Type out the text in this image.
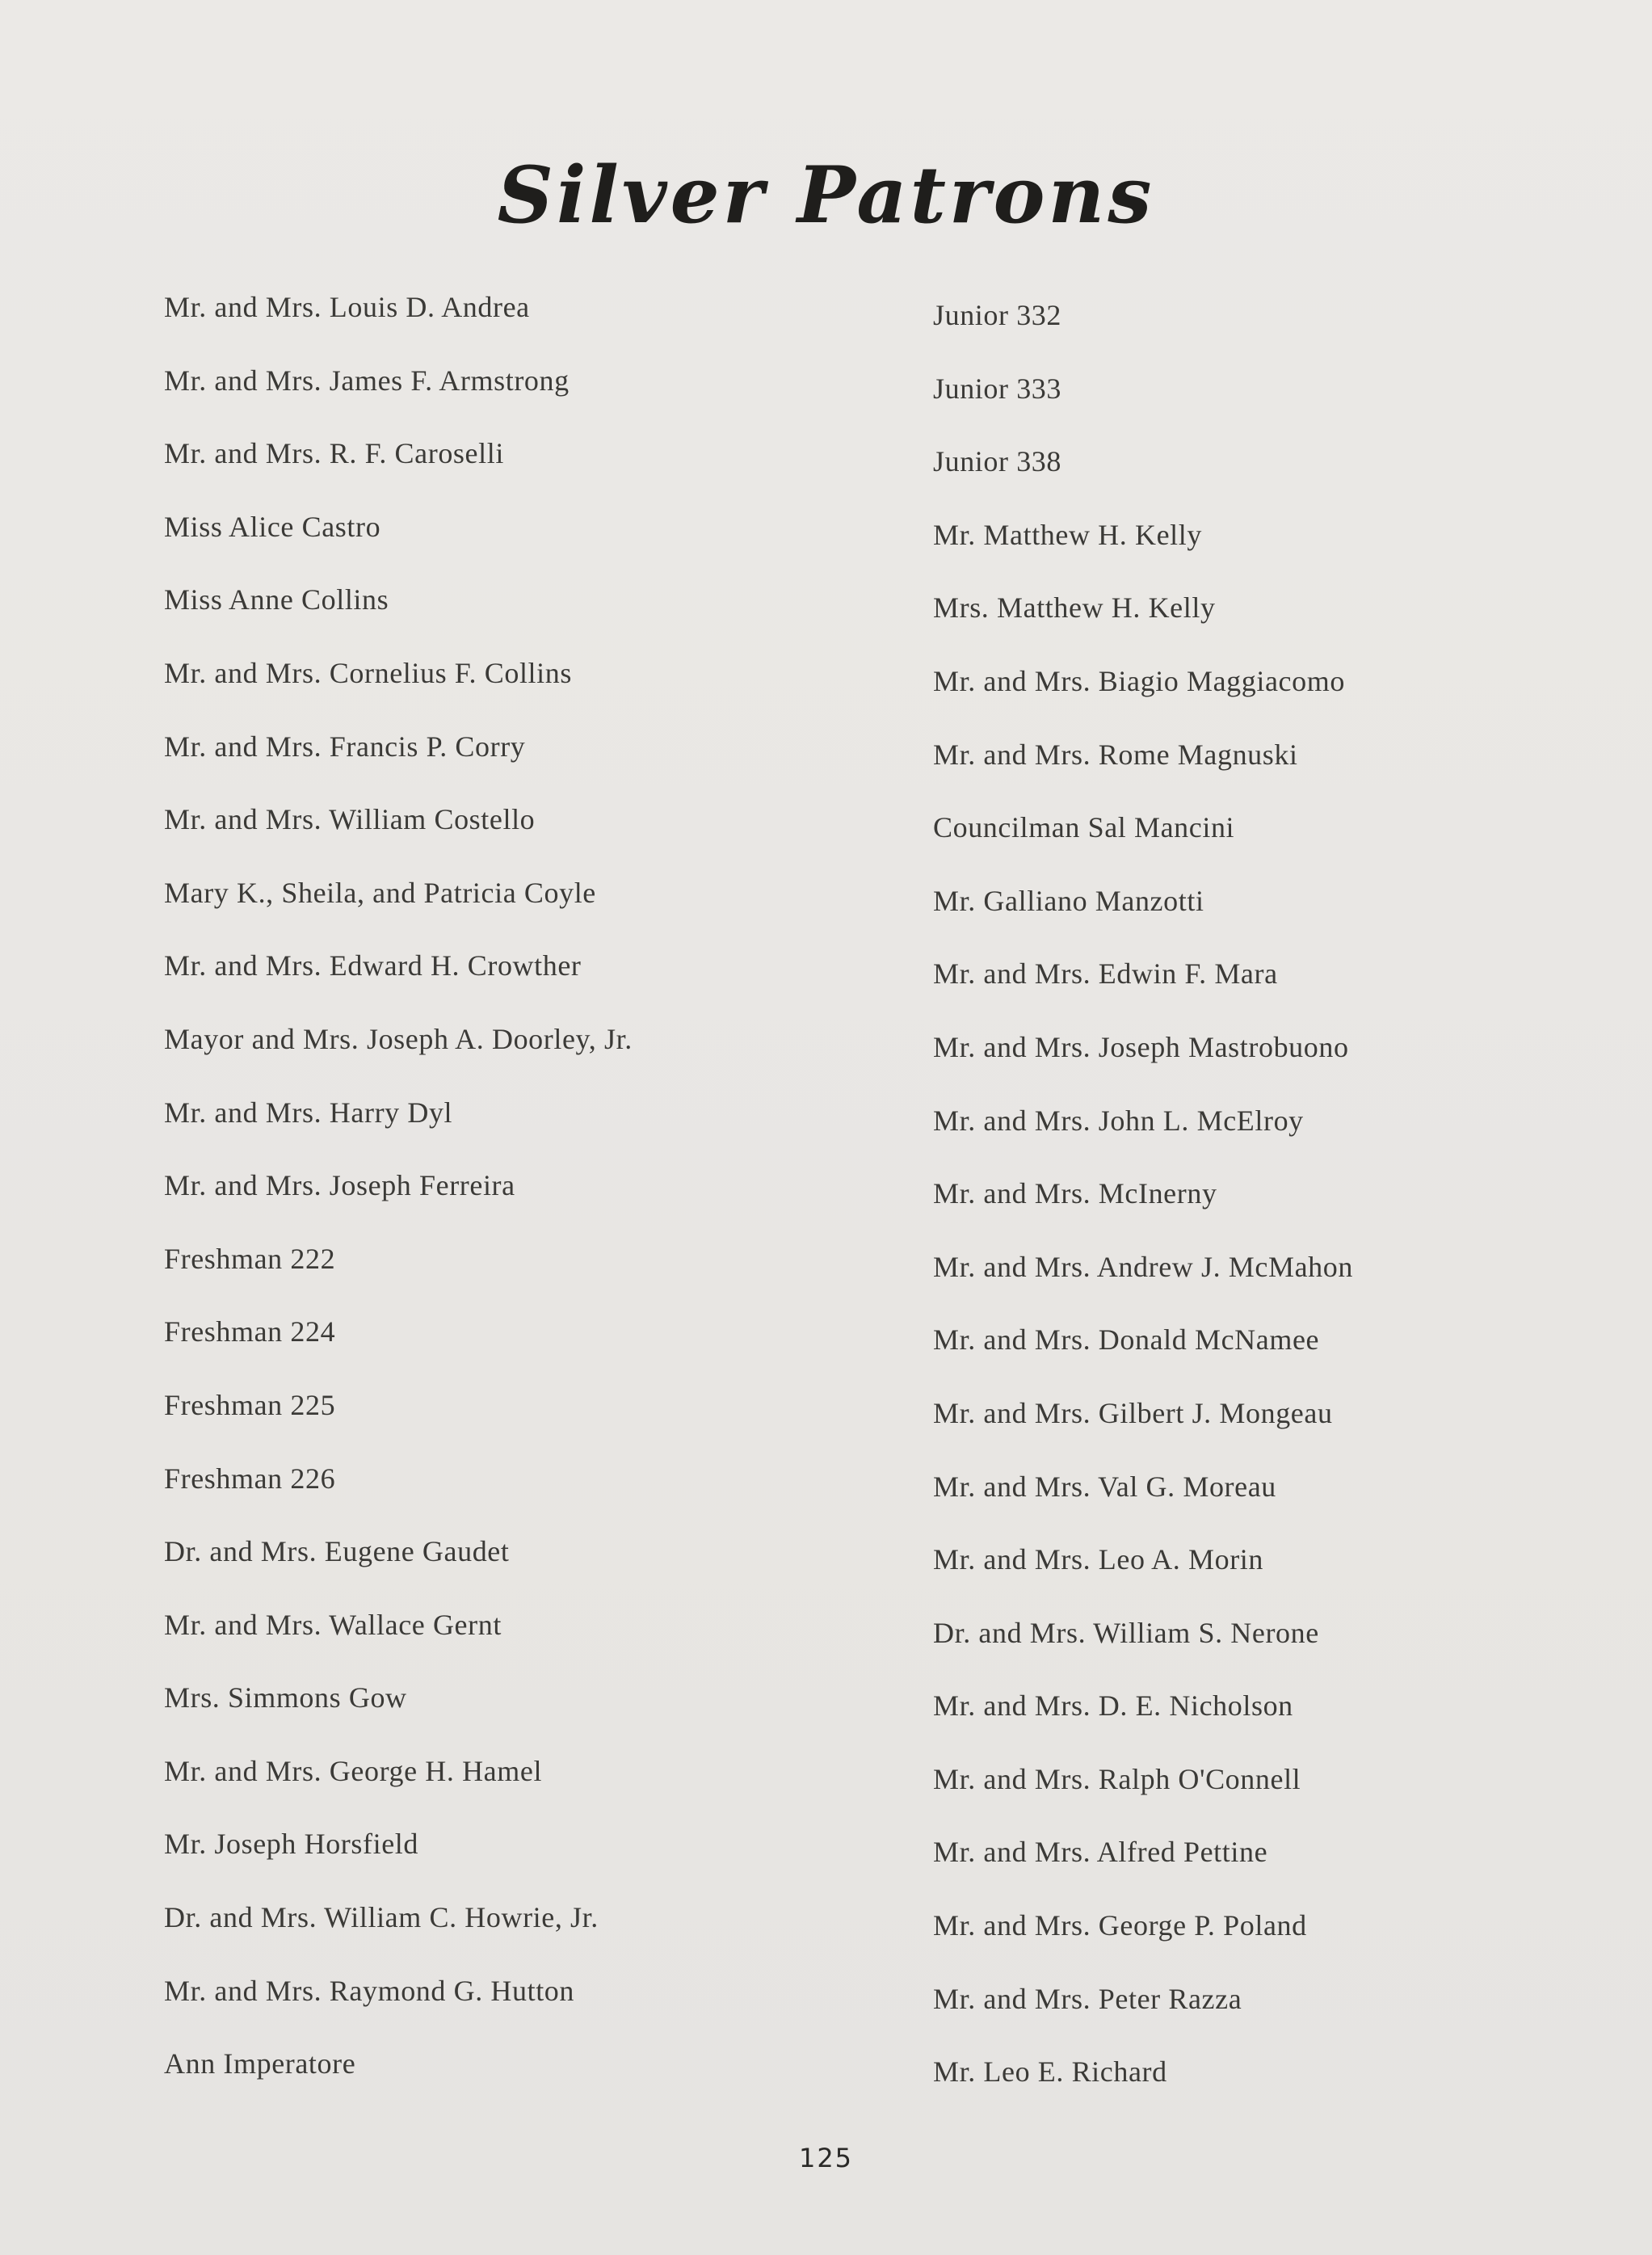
Silver Patrons
Mr. and Mrs. Louis D. Andrea
Mr. and Mrs. James F. Armstrong
Mr. and Mrs. R. F. Caroselli
Miss Alice Castro
Miss Anne Collins
Mr. and Mrs. Cornelius F. Collins
Mr. and Mrs. Francis P. Corry
Mr. and Mrs. William Costello
Mary K., Sheila, and Patricia Coyle
Mr. and Mrs. Edward H. Crowther
Mayor and Mrs. Joseph A. Doorley, Jr.
Mr. and Mrs. Harry Dyl
Mr. and Mrs. Joseph Ferreira
Freshman 222
Freshman 224
Freshman 225
Freshman 226
Dr. and Mrs. Eugene Gaudet
Mr. and Mrs. Wallace Gernt
Mrs. Simmons Gow
Mr. and Mrs. George H. Hamel
Mr. Joseph Horsfield
Dr. and Mrs. William C. Howrie, Jr.
Mr. and Mrs. Raymond G. Hutton
Ann Imperatore
Junior 332
Junior 333
Junior 338
Mr. Matthew H. Kelly
Mrs. Matthew H. Kelly
Mr. and Mrs. Biagio Maggiacomo
Mr. and Mrs. Rome Magnuski
Councilman Sal Mancini
Mr. Galliano Manzotti
Mr. and Mrs. Edwin F. Mara
Mr. and Mrs. Joseph Mastrobuono
Mr. and Mrs. John L. McElroy
Mr. and Mrs. McInerny
Mr. and Mrs. Andrew J. McMahon
Mr. and Mrs. Donald McNamee
Mr. and Mrs. Gilbert J. Mongeau
Mr. and Mrs. Val G. Moreau
Mr. and Mrs. Leo A. Morin
Dr. and Mrs. William S. Nerone
Mr. and Mrs. D. E. Nicholson
Mr. and Mrs. Ralph O'Connell
Mr. and Mrs. Alfred Pettine
Mr. and Mrs. George P. Poland
Mr. and Mrs. Peter Razza
Mr. Leo E. Richard
125
